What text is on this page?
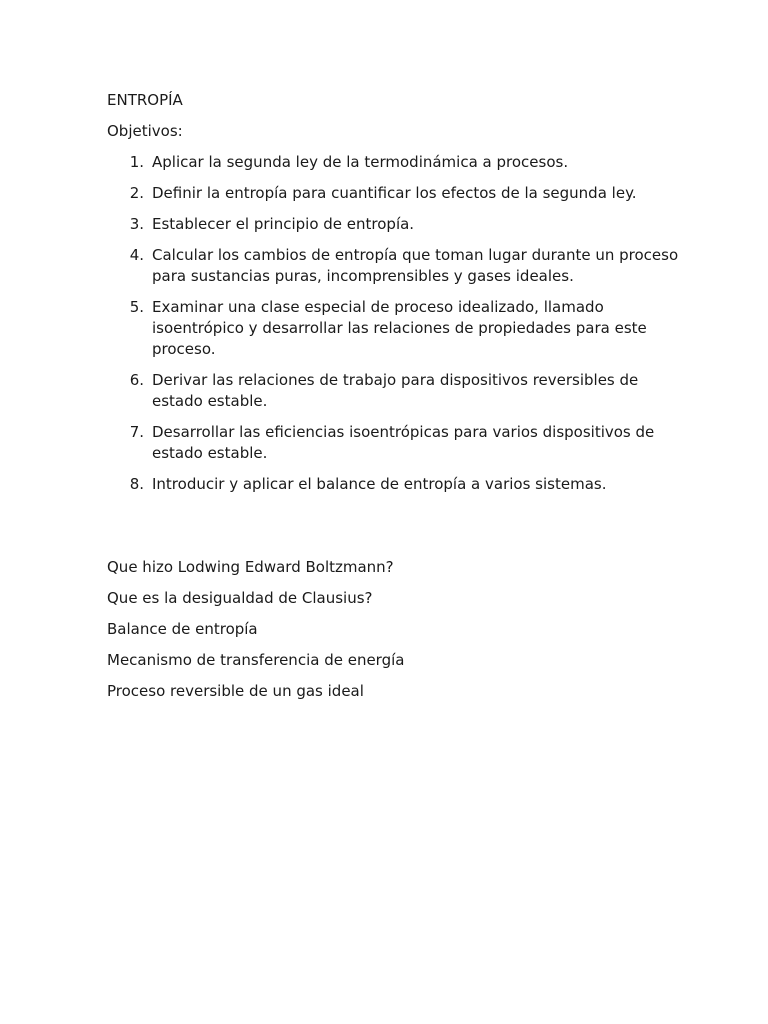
ENTROPÍA
Objetivos:
1. Aplicar la segunda ley de la termodinámica a procesos.
2. Definir la entropía para cuantificar los efectos de la segunda ley.
3. Establecer el principio de entropía.
4. Calcular los cambios de entropía que toman lugar durante un proceso para sustancias puras, incomprensibles y gases ideales.
5. Examinar una clase especial de proceso idealizado, llamado isoentrópico y desarrollar las relaciones de propiedades para este proceso.
6. Derivar las relaciones de trabajo para dispositivos reversibles de estado estable.
7. Desarrollar las eficiencias isoentrópicas para varios dispositivos de estado estable.
8. Introducir y aplicar el balance de entropía a varios sistemas.
Que hizo Lodwing Edward Boltzmann?
Que es la desigualdad de Clausius?
Balance de entropía
Mecanismo de transferencia de energía
Proceso reversible de un gas ideal
